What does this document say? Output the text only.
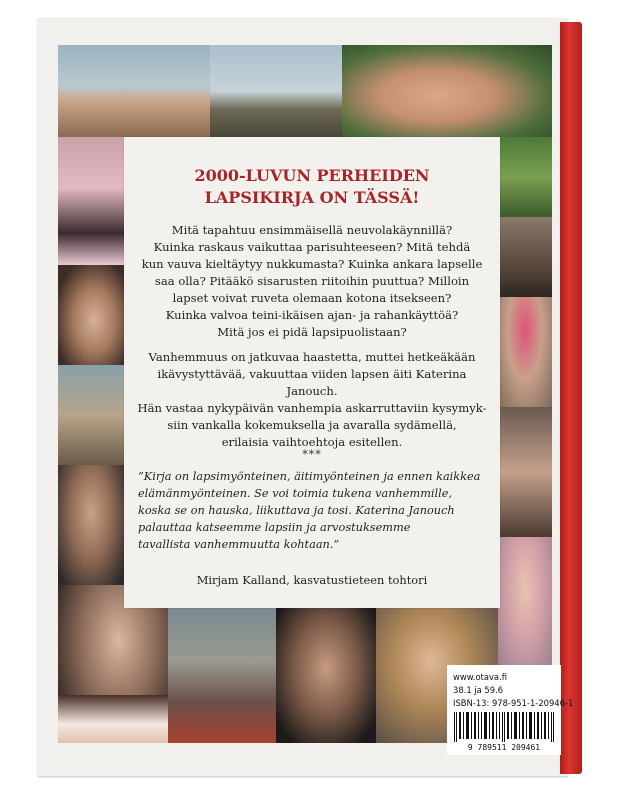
2000-LUVUN PERHEIDEN
LAPSIKIRJA ON TÄSSÄ!
Mitä tapahtuu ensimmäisellä neuvolakäynnillä?
Kuinka raskaus vaikuttaa parisuhteeseen? Mitä tehdä
kun vauva kieltäytyy nukkumasta? Kuinka ankara lapselle
saa olla? Pitääkö sisarusten riitoihin puuttua? Milloin
lapset voivat ruveta olemaan kotona itsekseen?
Kuinka valvoa teini-ikäisen ajan- ja rahankäyttöä?
Mitä jos ei pidä lapsipuolistaan?
Vanhemmuus on jatkuvaa haastetta, muttei hetkeäkään
ikävystyttävää, vakuuttaa viiden lapsen äiti Katerina Janouch.
Hän vastaa nykypäivän vanhempia askarruttaviin kysymyk-
siin vankalla kokemuksella ja avaralla sydämellä,
erilaisia vaihtoehtoja esitellen.
***
”Kirja on lapsimyönteinen, äitimyönteinen ja ennen kaikkea
elämänmyönteinen. Se voi toimia tukena vanhemmille,
koska se on hauska, liikuttava ja tosi. Katerina Janouch
palauttaa katseemme lapsiin ja arvostuksemme
tavallista vanhemmuutta kohtaan.”
Mirjam Kalland, kasvatustieteen tohtori
www.otava.fi
38.1 ja 59.6
ISBN-13: 978-951-1-20946-1
9 789511 209461
